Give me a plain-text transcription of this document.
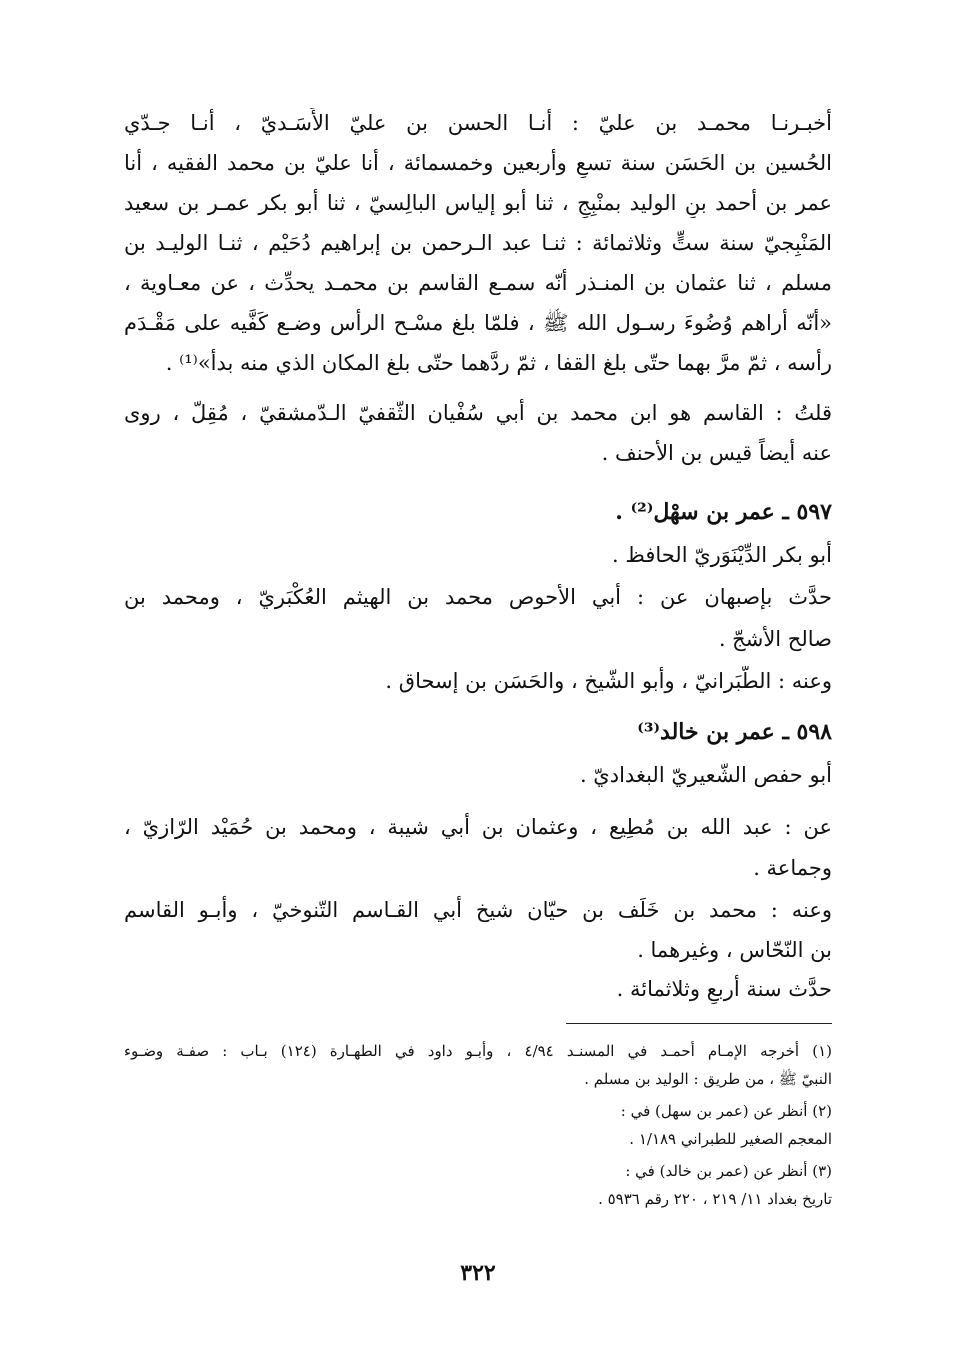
أخبـرنـا محمـد بن عليّ : أنـا الحسن بن عليّ الأَسَـديّ ، أنـا جـدّي
الحُسين بن الحَسَن سنة تسعٍ وأربعين وخمسمائة ، أنا عليّ بن محمد الفقيه ، أنا
عمر بن أحمد بنِ الوليد بمنْبِجٍ ، ثنا أبو إلياس البالِسيّ ، ثنا أبو بكر عمـر بن سعيد
المَنْبِجيّ سنة ستٍّ وثلاثمائة : ثنـا عبد الـرحمن بن إبراهيم دُحَيْم ، ثنـا الوليـد بن
مسلم ، ثنا عثمان بن المنـذر أنّه سمـع القاسم بن محمـد يحدِّث ، عن معـاوية ،
«أنّه أراهم وُضُوءَ رسـول الله ﷺ ، فلمّا بلغ مسْـح الرأس وضـع كَفَّيه على مَقْـدَم
رأسه ، ثمّ مرَّ بهما حتّى بلغ القفا ، ثمّ ردَّهما حتّى بلغ المكان الذي منه بدأ»⁽¹⁾ .
قلتُ : القاسم هو ابن محمد بن أبي سُفْيان الثّقفيّ الـدّمشقيّ ، مُقِلّ ، روى
عنه أيضاً قيس بن الأحنف .
٥٩٧ ـ عمر بن سهْل⁽²⁾ .
أبو بكر الدِّيْنَوَريّ الحافظ .
حدَّث بإصبهان عن : أبي الأحوص محمد بن الهيثم العُكْبَريّ ، ومحمد بن
صالح الأشجّ .
وعنه : الطَّبَرانيّ ، وأبو الشّيخ ، والحَسَن بن إسحاق .
٥٩٨ ـ عمر بن خالد⁽³⁾
أبو حفص الشّعيريّ البغداديّ .
عن : عبد الله بن مُطِيع ، وعثمان بن أبي شيبة ، ومحمد بن حُمَيْد الرّازيّ ،
وجماعة .
وعنه : محمد بن خَلَف بن حيّان شيخ أبي القـاسم التّنوخيّ ، وأبـو القاسم
بن النّحّاس ، وغيرهما .
حدَّث سنة أربعٍ وثلاثمائة .
(١) أخرجه الإمـام أحمـد في المسنـد ٤/٩٤ ، وأبـو داود في الطهـارة (١٢٤) بـاب : صفـة وضـوء
النبيّ ﷺ ، من طريق : الوليد بن مسلم .
(٢) أنظر عن (عمر بن سهل) في :
المعجم الصغير للطبراني ١/١٨٩ .
(٣) أنظر عن (عمر بن خالد) في :
تاريخ بغداد ١١/ ٢١٩ ، ٢٢٠ رقم ٥٩٣٦ .
٣٢٢
